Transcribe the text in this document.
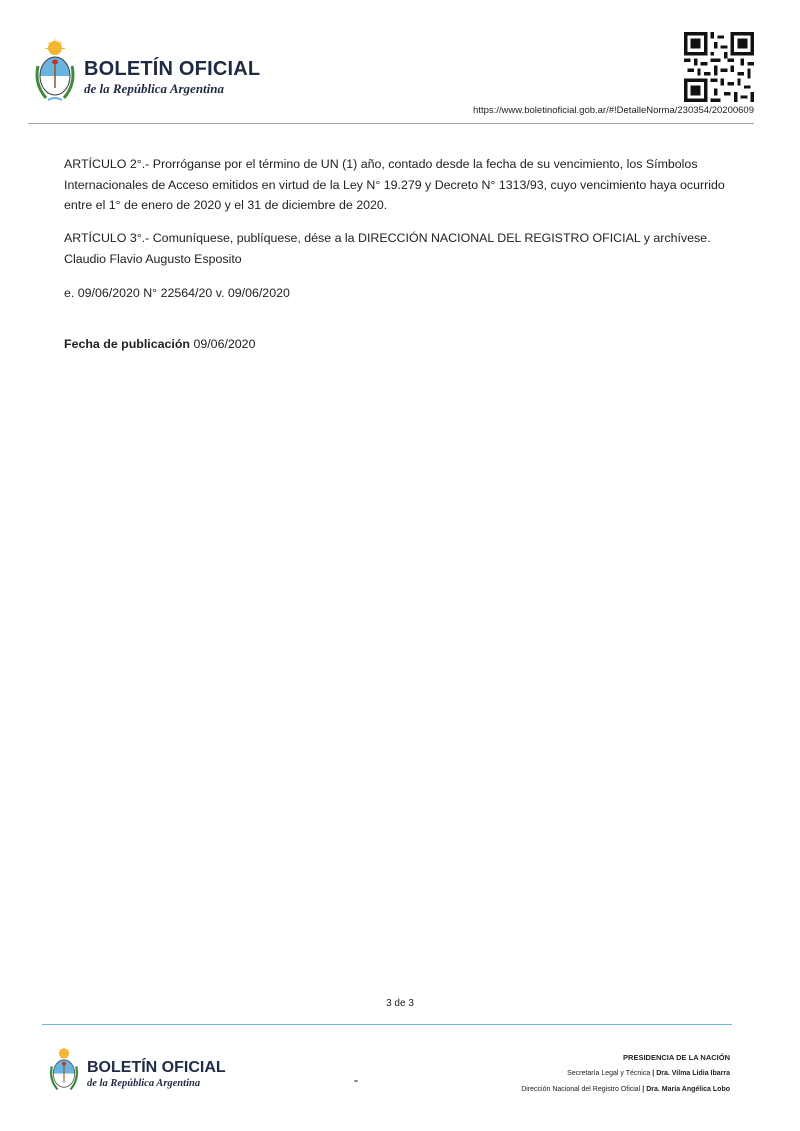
BOLETÍN OFICIAL
de la República Argentina
https://www.boletinoficial.gob.ar/#!DetalleNorma/230354/20200609
ARTÍCULO 2°.- Prorróganse por el término de UN (1) año, contado desde la fecha de su vencimiento, los Símbolos Internacionales de Acceso emitidos en virtud de la Ley N° 19.279 y Decreto N° 1313/93, cuyo vencimiento haya ocurrido entre el 1° de enero de 2020 y el 31 de diciembre de 2020.
ARTÍCULO 3°.- Comuníquese, publíquese, dése a la DIRECCIÓN NACIONAL DEL REGISTRO OFICIAL y archívese. Claudio Flavio Augusto Esposito
e. 09/06/2020 N° 22564/20 v. 09/06/2020
Fecha de publicación 09/06/2020
3 de 3
BOLETÍN OFICIAL
de la República Argentina
PRESIDENCIA DE LA NACIÓN
Secretaría Legal y Técnica | Dra. Vilma Lidia Ibarra
Dirección Nacional del Registro Oficial | Dra. María Angélica Lobo
